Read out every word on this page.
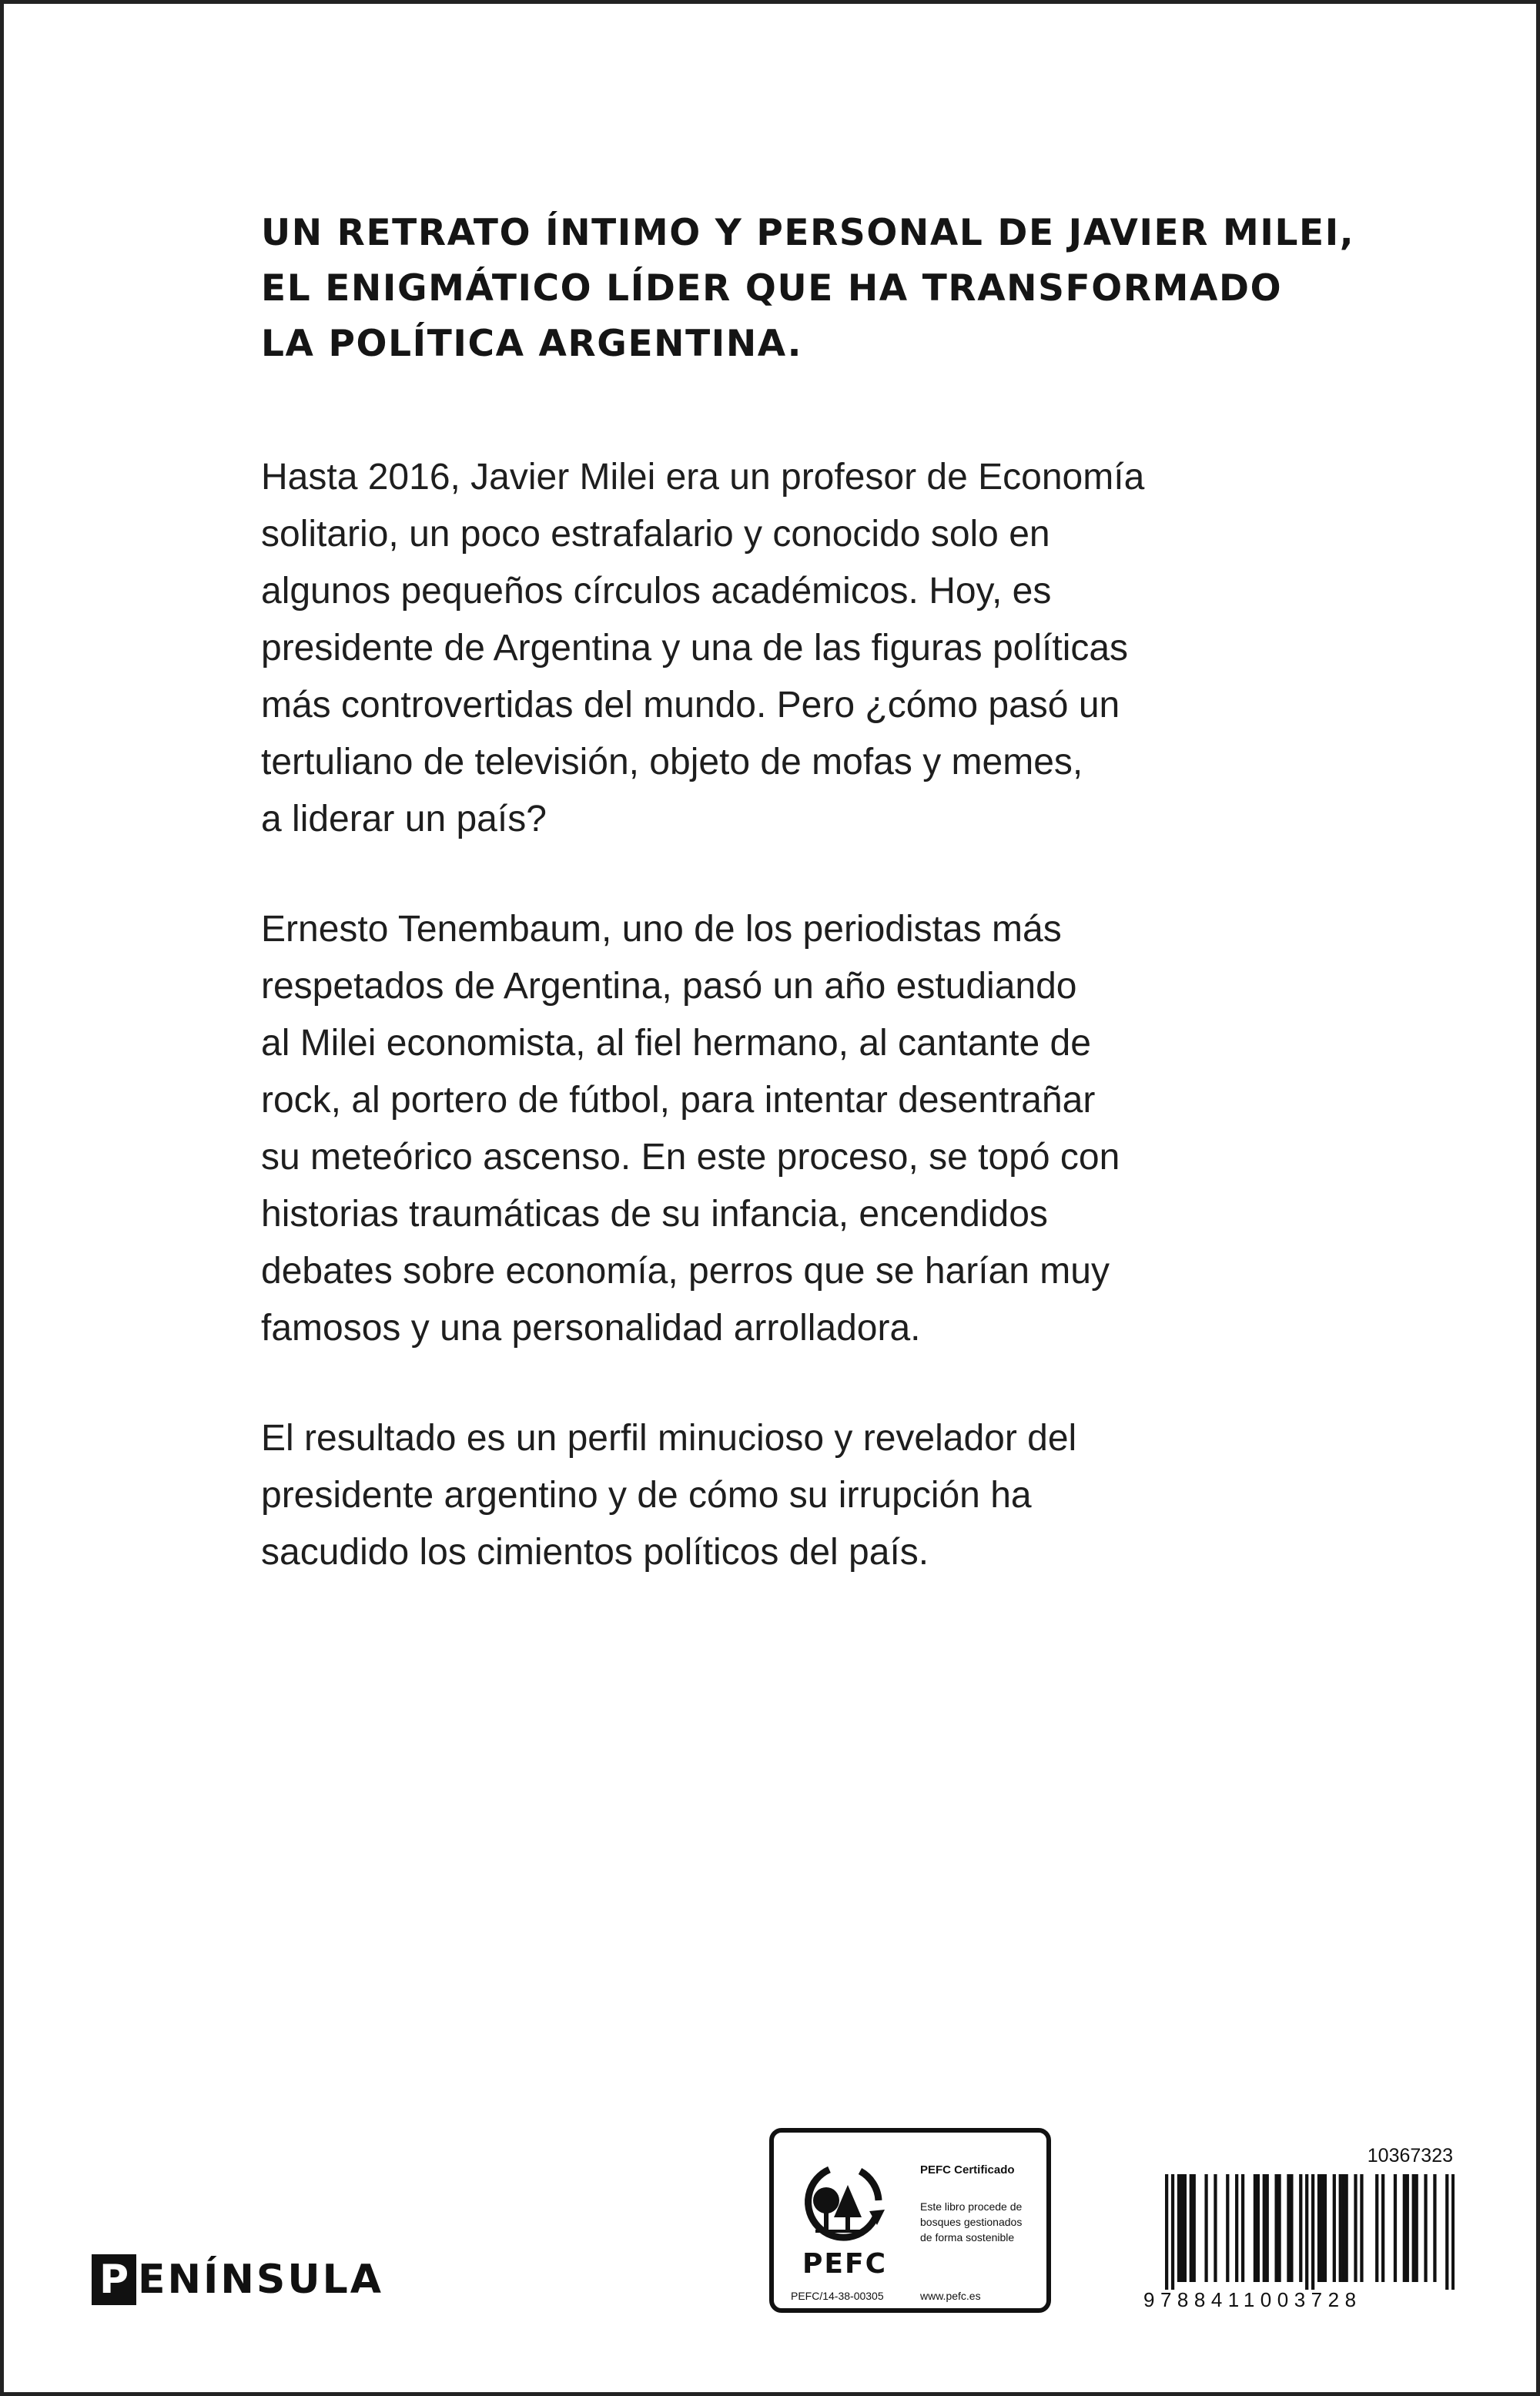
UN RETRATO ÍNTIMO Y PERSONAL DE JAVIER MILEI,
EL ENIGMÁTICO LÍDER QUE HA TRANSFORMADO
LA POLÍTICA ARGENTINA.
Hasta 2016, Javier Milei era un profesor de Economía
solitario, un poco estrafalario y conocido solo en
algunos pequeños círculos académicos. Hoy, es
presidente de Argentina y una de las figuras políticas
más controvertidas del mundo. Pero ¿cómo pasó un
tertuliano de televisión, objeto de mofas y memes,
a liderar un país?
Ernesto Tenembaum, uno de los periodistas más
respetados de Argentina, pasó un año estudiando
al Milei economista, al fiel hermano, al cantante de
rock, al portero de fútbol, para intentar desentrañar
su meteórico ascenso. En este proceso, se topó con
historias traumáticas de su infancia, encendidos
debates sobre economía, perros que se harían muy
famosos y una personalidad arrolladora.
El resultado es un perfil minucioso y revelador del
presidente argentino y de cómo su irrupción ha
sacudido los cimientos políticos del país.
P ENÍNSULA	PEFC
PEFC/14-38-00305
PEFC Certificado
Este libro procede de
bosques gestionados
de forma sostenible
www.pefc.es
10367323
9788411003728
